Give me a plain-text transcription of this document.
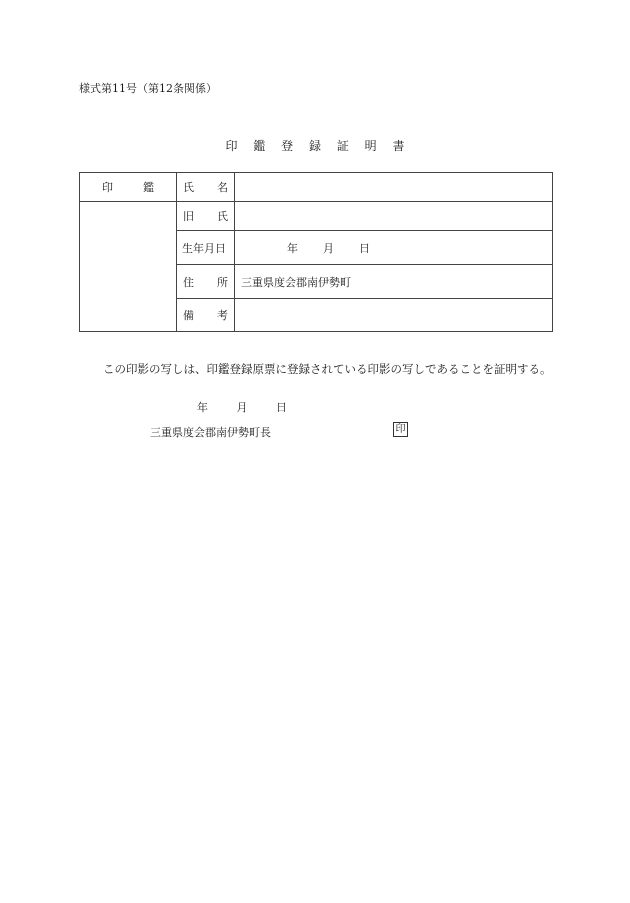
様式第11号（第12条関係）
印 鑑 登 録 証 明 書
印 鑑	氏 名	

	旧 氏	

	生年月日	年 月 日

	住 所	三重県度会郡南伊勢町

	備 考	

この印影の写しは、印鑑登録原票に登録されている印影の写しであることを証明する。
年	月	日
三重県度会郡南伊勢町長	印
